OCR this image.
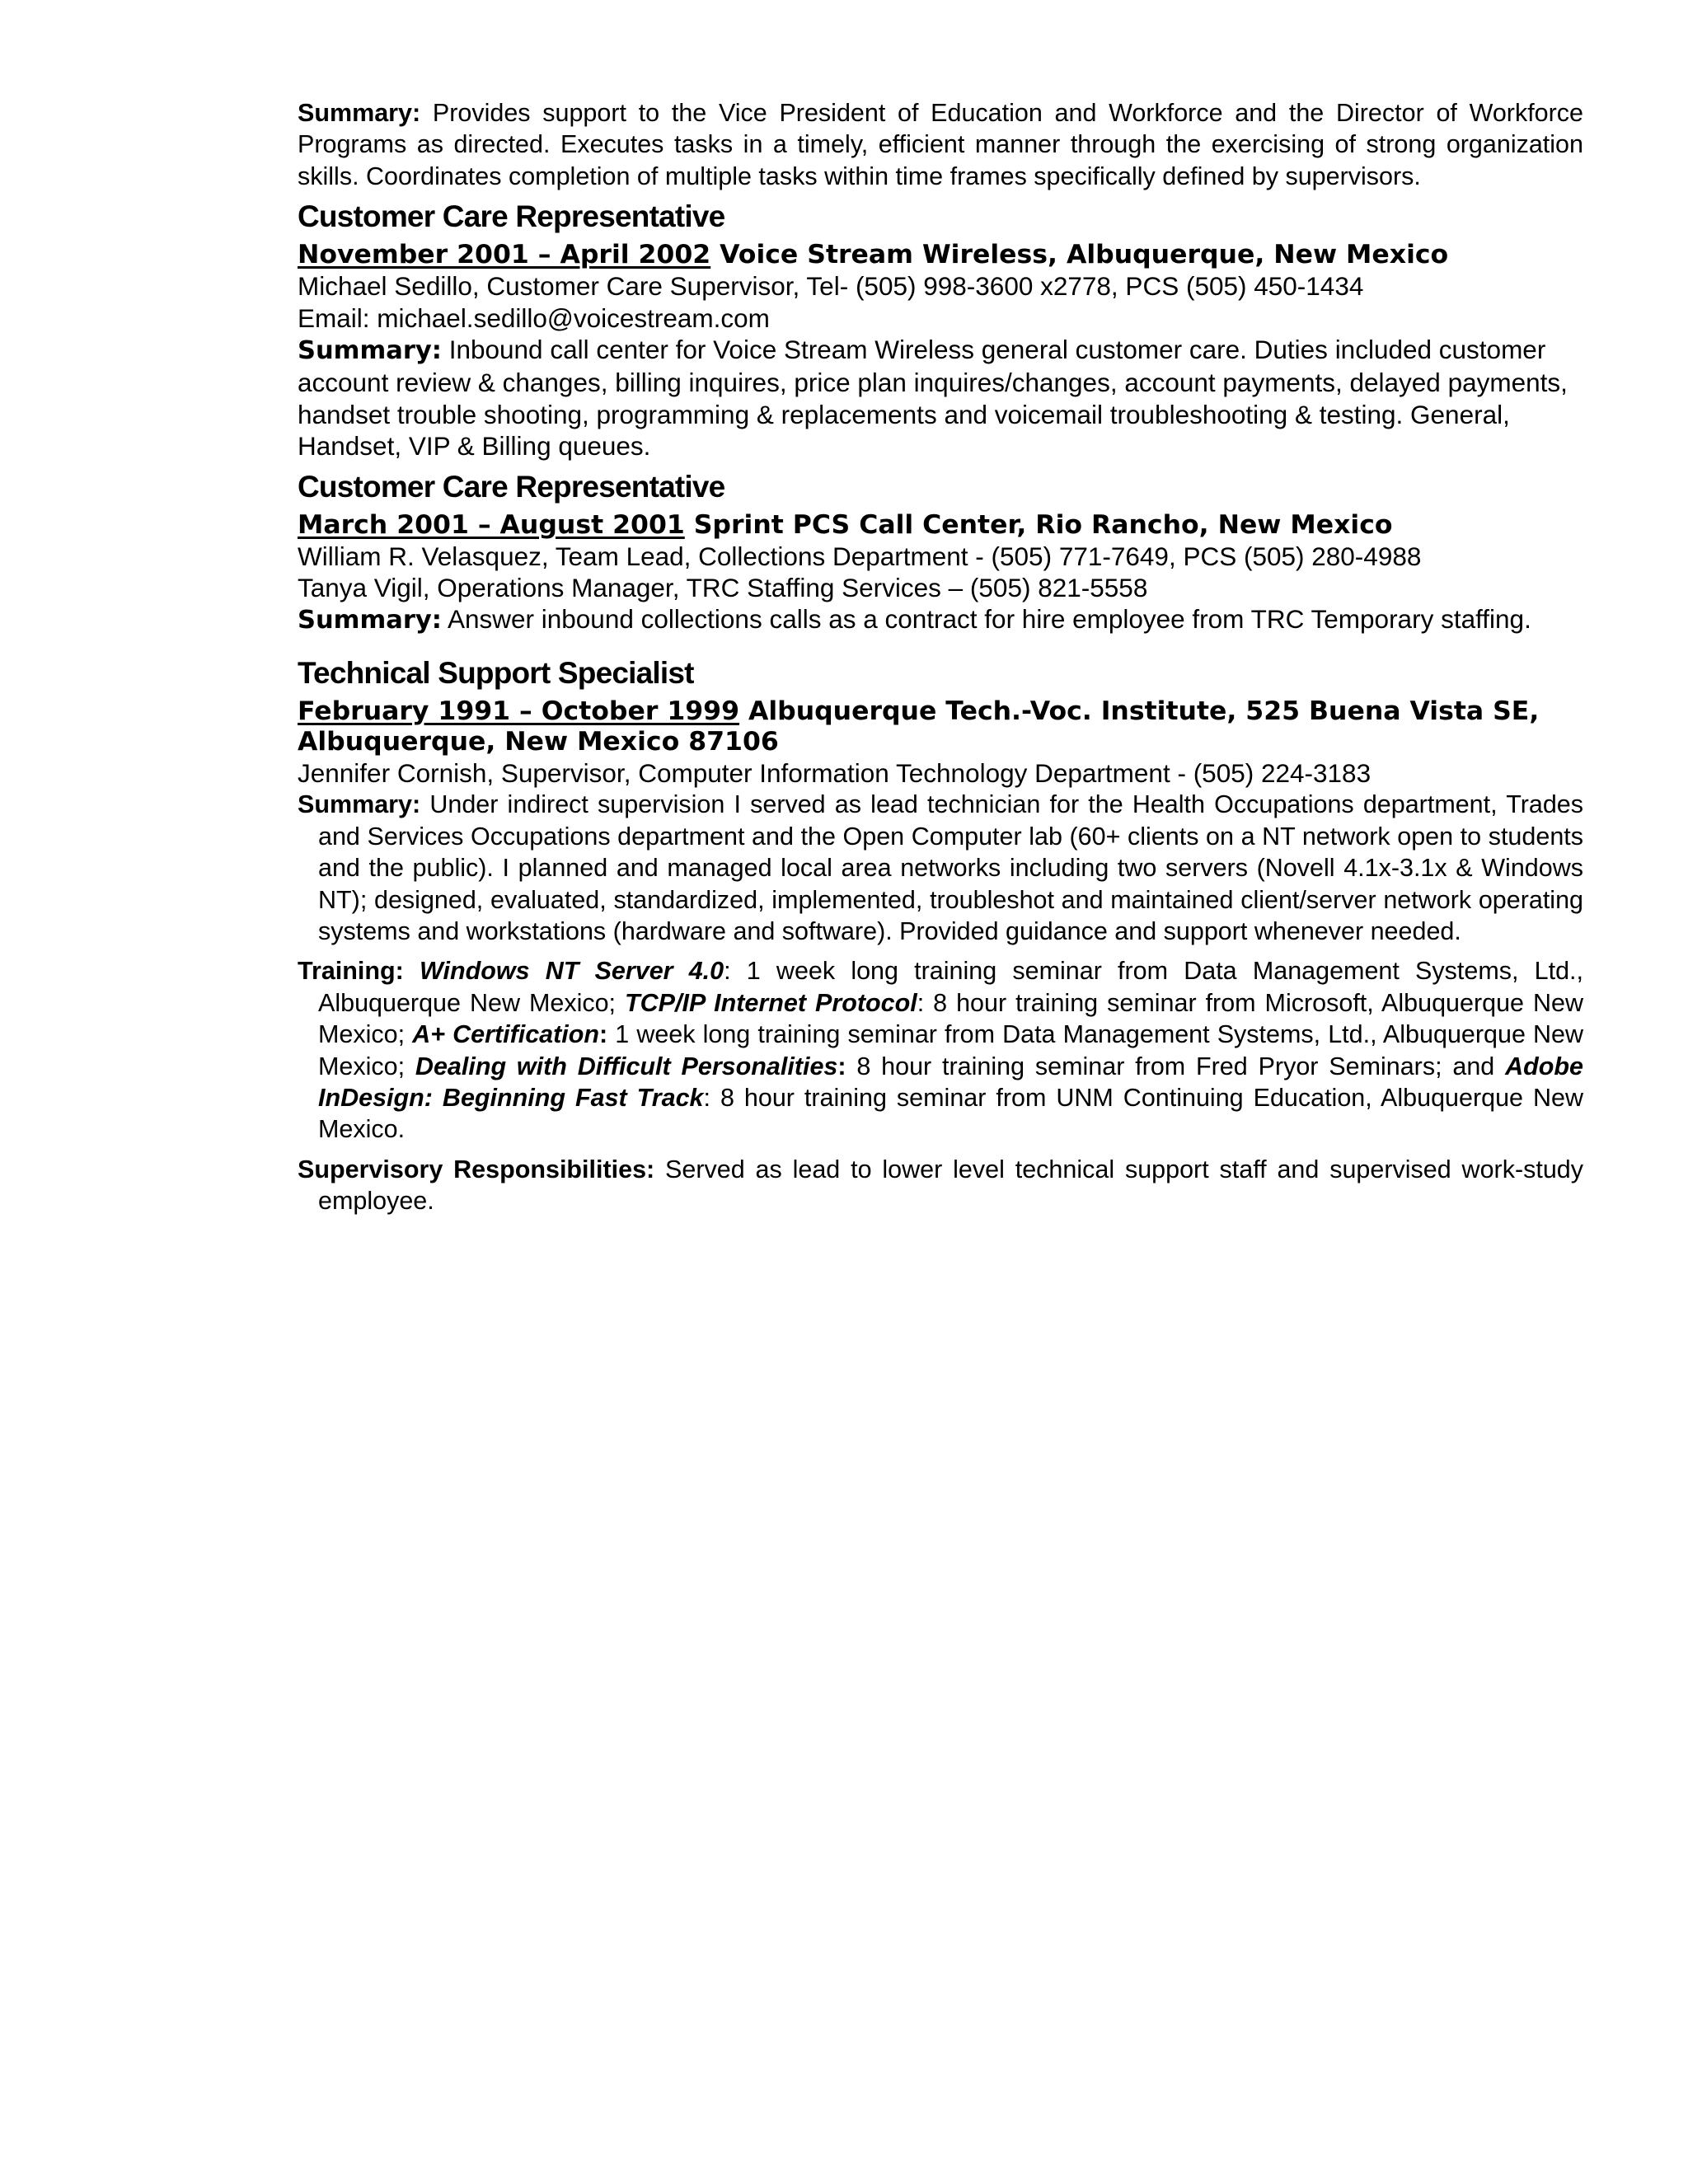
Summary: Provides support to the Vice President of Education and Workforce and the Director of Workforce Programs as directed. Executes tasks in a timely, efficient manner through the exercising of strong organization skills. Coordinates completion of multiple tasks within time frames specifically defined by supervisors.

Customer Care Representative

November 2001 – April 2002 Voice Stream Wireless, Albuquerque, New Mexico

Michael Sedillo, Customer Care Supervisor, Tel- (505) 998-3600 x2778, PCS (505) 450-1434

Email: michael.sedillo@voicestream.com

Summary: Inbound call center for Voice Stream Wireless general customer care. Duties included customer account review & changes, billing inquires, price plan inquires/changes, account payments, delayed payments, handset trouble shooting, programming & replacements and voicemail troubleshooting & testing. General, Handset, VIP & Billing queues.

Customer Care Representative

March 2001 – August 2001 Sprint PCS Call Center, Rio Rancho, New Mexico

William R. Velasquez, Team Lead, Collections Department - (505) 771-7649, PCS (505) 280-4988

Tanya Vigil, Operations Manager, TRC Staffing Services – (505) 821-5558

Summary: Answer inbound collections calls as a contract for hire employee from TRC Temporary staffing.

Technical Support Specialist

February 1991 – October 1999 Albuquerque Tech.-Voc. Institute, 525 Buena Vista SE, Albuquerque, New Mexico 87106

Jennifer Cornish, Supervisor, Computer Information Technology Department - (505) 224-3183

Summary: Under indirect supervision I served as lead technician for the Health Occupations department, Trades and Services Occupations department and the Open Computer lab (60+ clients on a NT network open to students and the public). I planned and managed local area networks including two servers (Novell 4.1x-3.1x & Windows NT); designed, evaluated, standardized, implemented, troubleshot and maintained client/server network operating systems and workstations (hardware and software). Provided guidance and support whenever needed.

Training: Windows NT Server 4.0: 1 week long training seminar from Data Management Systems, Ltd., Albuquerque New Mexico; TCP/IP Internet Protocol: 8 hour training seminar from Microsoft, Albuquerque New Mexico; A+ Certification: 1 week long training seminar from Data Management Systems, Ltd., Albuquerque New Mexico; Dealing with Difficult Personalities: 8 hour training seminar from Fred Pryor Seminars; and Adobe InDesign: Beginning Fast Track: 8 hour training seminar from UNM Continuing Education, Albuquerque New Mexico.

Supervisory Responsibilities: Served as lead to lower level technical support staff and supervised work-study employee.
